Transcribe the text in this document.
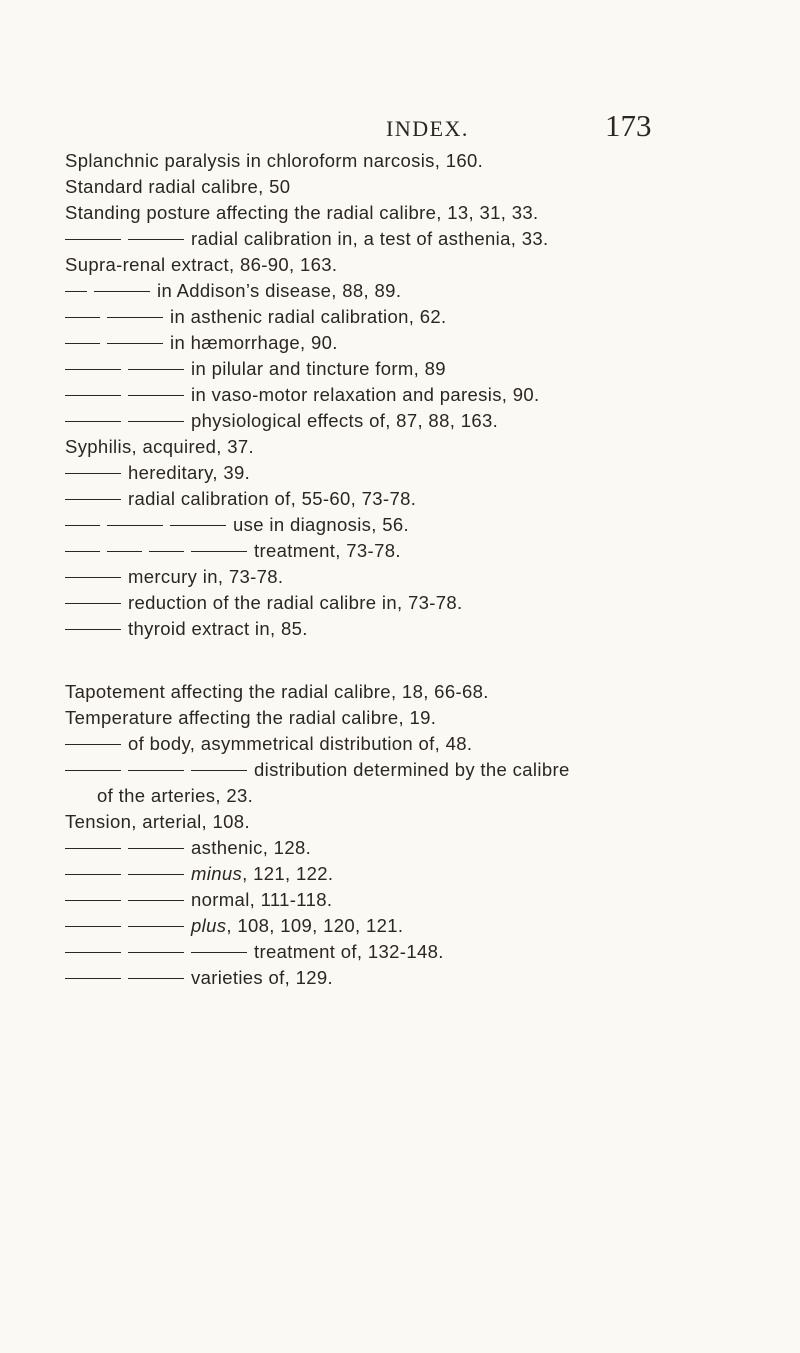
INDEX.	173
Splanchnic paralysis in chloroform narcosis, 160.
Standard radial calibre, 50
Standing posture affecting the radial calibre, 13, 31, 33.
radial calibration in, a test of asthenia, 33.
Supra-renal extract, 86-90, 163.
in Addison’s disease, 88, 89.
in asthenic radial calibration, 62.
in hæmorrhage, 90.
in pilular and tincture form, 89
in vaso-motor relaxation and paresis, 90.
physiological effects of, 87, 88, 163.
Syphilis, acquired, 37.
hereditary, 39.
radial calibration of, 55-60, 73-78.
use in diagnosis, 56.
treatment, 73-78.
mercury in, 73-78.
reduction of the radial calibre in, 73-78.
thyroid extract in, 85.
Tapotement affecting the radial calibre, 18, 66-68.
Temperature affecting the radial calibre, 19.
of body, asymmetrical distribution of, 48.
distribution determined by the calibre
of the arteries, 23.
Tension, arterial, 108.
asthenic, 128.
minus, 121, 122.
normal, 111-118.
plus, 108, 109, 120, 121.
treatment of, 132-148.
varieties of, 129.
